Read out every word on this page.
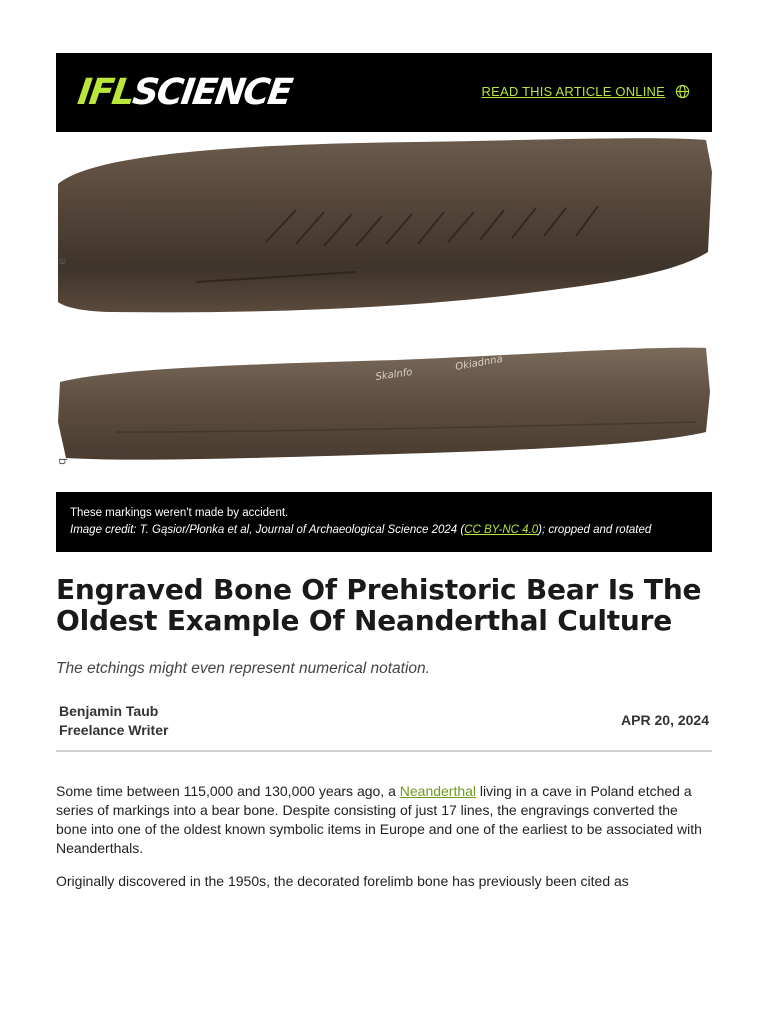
IFLSCIENCE	READ THIS ARTICLE ONLINE
Skalnfo
Okiadnna
a
b
These markings weren't made by accident.
Image credit: T. Gąsior/Płonka et al, Journal of Archaeological Science 2024 (CC BY-NC 4.0); cropped and rotated
Engraved Bone Of Prehistoric Bear Is The Oldest Example Of Neanderthal Culture
The etchings might even represent numerical notation.
Benjamin Taub
Freelance Writer
APR 20, 2024

Some time between 115,000 and 130,000 years ago, a Neanderthal living in a cave in Poland etched a series of markings into a bear bone. Despite consisting of just 17 lines, the engravings converted the bone into one of the oldest known symbolic items in Europe and one of the earliest to be associated with Neanderthals.

Originally discovered in the 1950s, the decorated forelimb bone has previously been cited as
